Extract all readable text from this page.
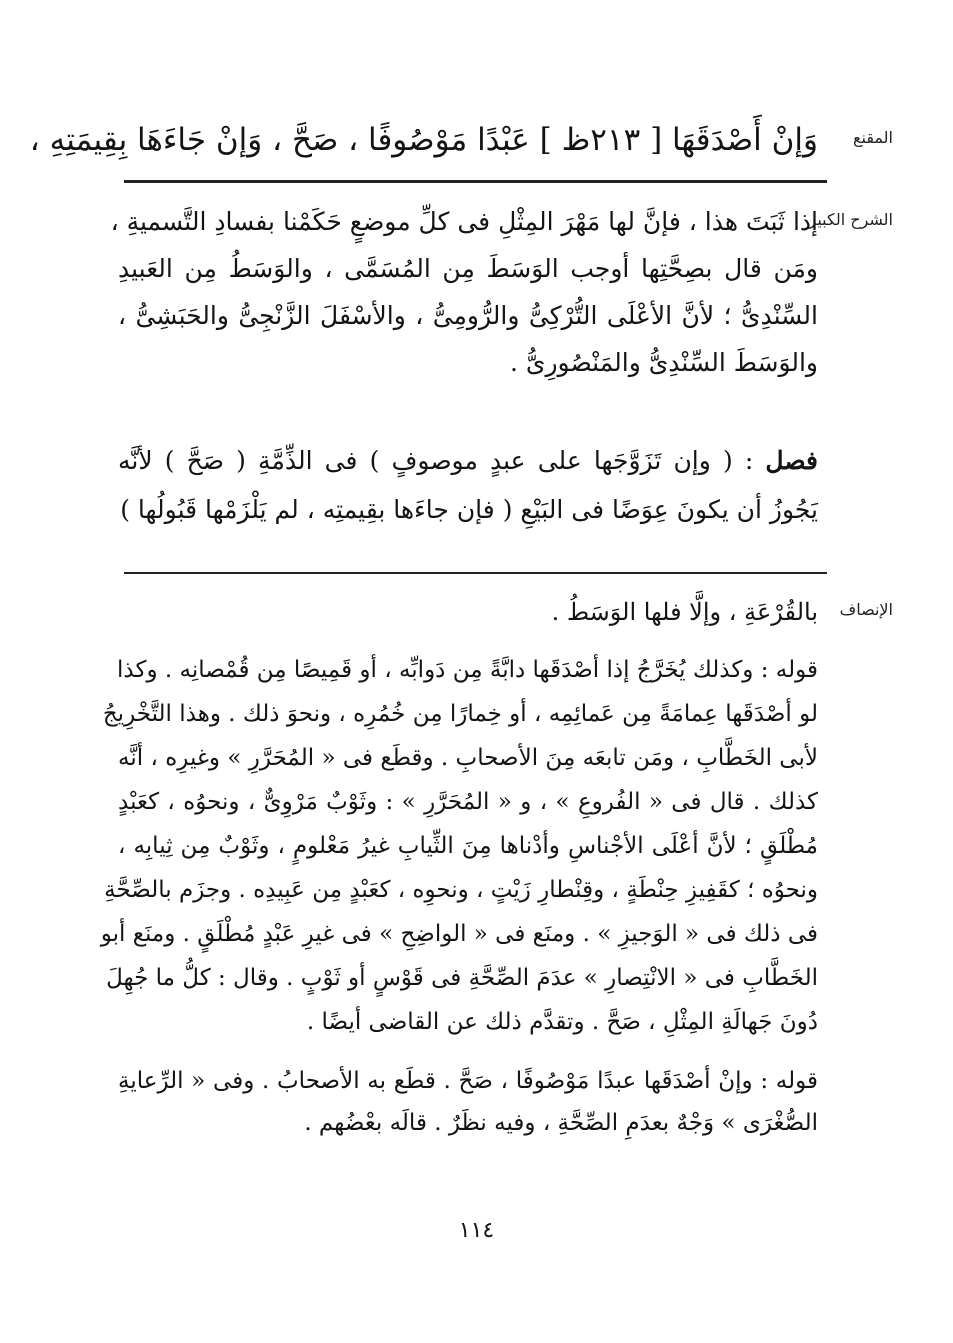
المقنع
وَإنْ أَصْدَقَهَا [ ٢١٣ظ ] عَبْدًا مَوْصُوفًا ، صَحَّ ، وَإنْ جَاءَهَا بِقِيمَتِهِ ،
الشرح الكبير
إذا ثَبَتَ هذا ، فإنَّ لها مَهْرَ المِثْلِ فى كلِّ موضعٍ حَكَمْنا بفسادِ التَّسميةِ ،
ومَن قال بصِحَّتِها أوجب الوَسَطَ مِن المُسَمَّى ، والوَسَطُ مِن العَبيدِ
السِّنْدِىُّ ؛ لأنَّ الأعْلَى التُّرْكِىُّ والرُّومِىُّ ، والأسْفَلَ الزَّنْجِىُّ والحَبَشِىُّ ،
والوَسَطَ السِّنْدِىُّ والمَنْصُورِىُّ .
فصل : ( وإن تَزَوَّجَها على عبدٍ موصوفٍ ) فى الذِّمَّةِ ( صَحَّ ) لأنَّه
يَجُوزُ أن يكونَ عِوَضًا فى البَيْعِ ( فإن جاءَها بقِيمتِه ، لم يَلْزَمْها قَبُولُها )
الإنصاف
بالقُرْعَةِ ، وإلَّا فلها الوَسَطُ .
قوله : وكذلك يُخَرَّجُ إذا أصْدَقَها دابَّةً مِن دَوابِّه ، أو قَمِيصًا مِن قُمْصانِه . وكذا
لو أصْدَقَها عِمامَةً مِن عَمائِمِه ، أو خِمارًا مِن خُمُرِه ، ونحوَ ذلك . وهذا التَّخْرِيجُ
لأبى الخَطَّابِ ، ومَن تابعَه مِنَ الأصحابِ . وقطَع فى « المُحَرَّرِ » وغيرِه ، أنَّه
كذلك . قال فى « الفُروعِ » ، و « المُحَرَّرِ » : وثَوْبٌ مَرْوِىٌّ ، ونحوُه ، كعَبْدٍ
مُطْلَقٍ ؛ لأنَّ أعْلَى الأجْناسِ وأدْناها مِنَ الثِّيابِ غيرُ مَعْلومٍ ، وثَوْبٌ مِن ثِيابِه ،
ونحوُه ؛ كقَفِيزِ حِنْطَةٍ ، وقِنْطارِ زَيْتٍ ، ونحوِه ، كعَبْدٍ مِن عَبِيدِه . وجزَم بالصِّحَّةِ
فى ذلك فى « الوَجيزِ » . ومنَع فى « الواضِحِ » فى غيرِ عَبْدٍ مُطْلَقٍ . ومنَع أبو
الخَطَّابِ فى « الانْتِصارِ » عدَمَ الصِّحَّةِ فى قَوْسٍ أو ثَوْبٍ . وقال : كلُّ ما جُهِلَ
دُونَ جَهالَةِ المِثْلِ ، صَحَّ . وتقدَّم ذلك عن القاضى أيضًا .
قوله : وإنْ أصْدَقَها عبدًا مَوْصُوفًا ، صَحَّ . قطَع به الأصحابُ . وفى « الرِّعايةِ
الصُّغْرَى » وَجْهٌ بعدَمِ الصِّحَّةِ ، وفيه نظَرٌ . قالَه بعْضُهم .
١١٤
